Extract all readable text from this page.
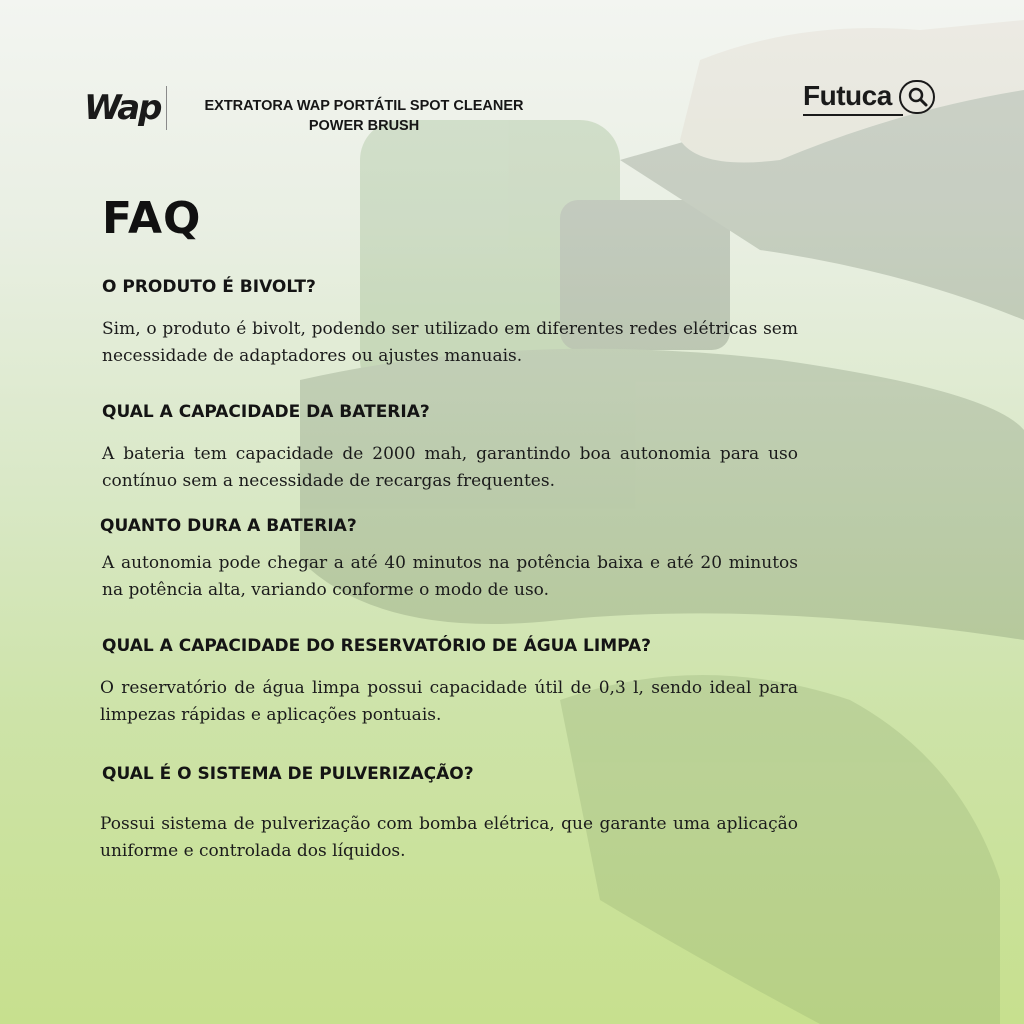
Wap	EXTRATORA WAP PORTÁTIL SPOT CLEANER
POWER BRUSH
Futuca
FAQ
O PRODUTO É BIVOLT?

Sim, o produto é bivolt, podendo ser utilizado em diferentes redes elétricas sem necessidade de adaptadores ou ajustes manuais.

QUAL A CAPACIDADE DA BATERIA?

A bateria tem capacidade de 2000 mah, garantindo boa autonomia para uso contínuo sem a necessidade de recargas frequentes.

QUANTO DURA A BATERIA?

A autonomia pode chegar a até 40 minutos na potência baixa e até 20 minutos na potência alta, variando conforme o modo de uso.

QUAL A CAPACIDADE DO RESERVATÓRIO DE ÁGUA LIMPA?

O reservatório de água limpa possui capacidade útil de 0,3 l, sendo ideal para limpezas rápidas e aplicações pontuais.

QUAL É O SISTEMA DE PULVERIZAÇÃO?

Possui sistema de pulverização com bomba elétrica, que garante uma aplicação uniforme e controlada dos líquidos.
